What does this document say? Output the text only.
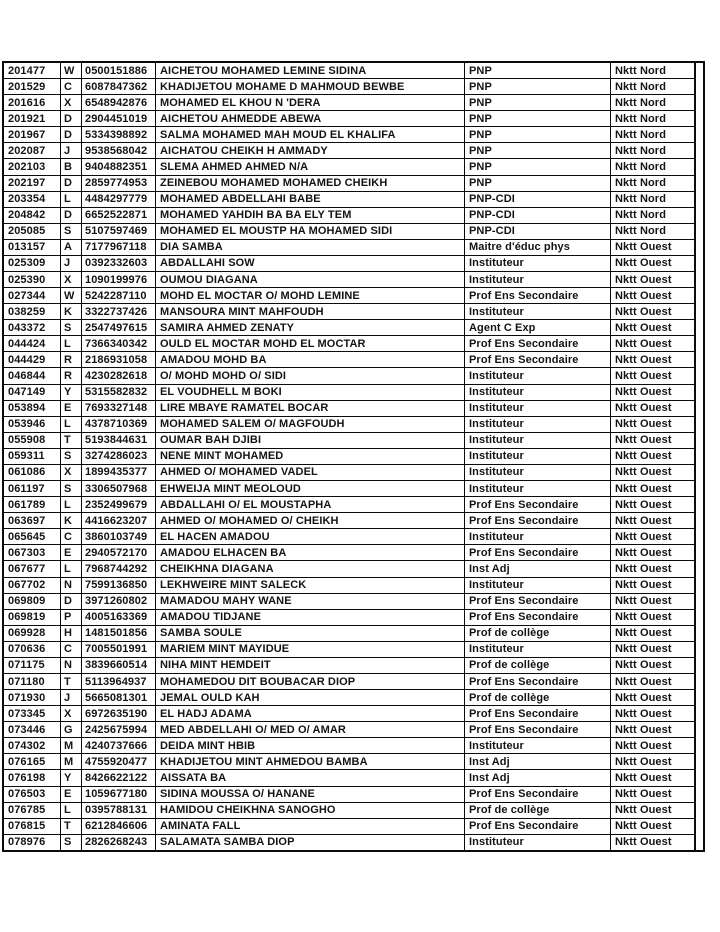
201477	W 0500151886	AICHETOU MOHAMED LEMINE SIDINA	PNP	Nktt Nord
201529	C	6087847362	KHADIJETOU MOHAME D MAHMOUD BEWBE	PNP	Nktt Nord
201616	X	6548942876	MOHAMED EL KHOU N 'DERA	PNP	Nktt Nord
201921	D	2904451019	AICHETOU AHMEDDE ABEWA	PNP	Nktt Nord
201967	D	5334398892	SALMA MOHAMED MAH MOUD EL KHALIFA	PNP	Nktt Nord
202087	J	9538568042	AICHATOU CHEIKH H AMMADY	PNP	Nktt Nord
202103	B	9404882351	SLEMA AHMED AHMED N/A	PNP	Nktt Nord
202197	D	2859774953	ZEINEBOU MOHAMED MOHAMED CHEIKH	PNP	Nktt Nord
203354	L	4484297779	MOHAMED ABDELLAHI BABE	PNP-CDI	Nktt Nord
204842	D	6652522871	MOHAMED YAHDIH BA BA ELY TEM	PNP-CDI	Nktt Nord
205085	S	5107597469	MOHAMED EL MOUSTP HA MOHAMED SIDI	PNP-CDI	Nktt Nord
013157	A	7177967118	DIA SAMBA	Maitre d'éduc phys	Nktt Ouest
025309	J	0392332603	ABDALLAHI SOW	Instituteur	Nktt Ouest
025390	X	1090199976	OUMOU DIAGANA	Instituteur	Nktt Ouest
027344	W 5242287110	MOHD EL MOCTAR O/ MOHD LEMINE	Prof Ens Secondaire	Nktt Ouest
038259	K	3322737426	MANSOURA MINT MAHFOUDH	Instituteur	Nktt Ouest
043372	S	2547497615	SAMIRA AHMED ZENATY	Agent C Exp	Nktt Ouest
044424	L	7366340342	OULD EL MOCTAR MOHD EL MOCTAR	Prof Ens Secondaire	Nktt Ouest
044429	R	2186931058	AMADOU MOHD BA	Prof Ens Secondaire	Nktt Ouest
046844	R	4230282618	O/ MOHD MOHD O/ SIDI	Instituteur	Nktt Ouest
047149	Y	5315582832	EL VOUDHELL M BOKI	Instituteur	Nktt Ouest
053894	E	7693327148	LIRE MBAYE RAMATEL BOCAR	Instituteur	Nktt Ouest
053946	L	4378710369	MOHAMED SALEM O/ MAGFOUDH	Instituteur	Nktt Ouest
055908	T	5193844631	OUMAR BAH DJIBI	Instituteur	Nktt Ouest
059311	S	3274286023	NENE MINT MOHAMED	Instituteur	Nktt Ouest
061086	X	1899435377	AHMED O/ MOHAMED VADEL	Instituteur	Nktt Ouest
061197	S	3306507968	EHWEIJA MINT MEOLOUD	Instituteur	Nktt Ouest
061789	L	2352499679	ABDALLAHI O/ EL MOUSTAPHA	Prof Ens Secondaire	Nktt Ouest
063697	K	4416623207	AHMED O/ MOHAMED O/ CHEIKH	Prof Ens Secondaire	Nktt Ouest
065645	C	3860103749	EL HACEN AMADOU	Instituteur	Nktt Ouest
067303	E	2940572170	AMADOU ELHACEN BA	Prof Ens Secondaire	Nktt Ouest
067677	L	7968744292	CHEIKHNA DIAGANA	Inst Adj	Nktt Ouest
067702	N	7599136850	LEKHWEIRE MINT SALECK	Instituteur	Nktt Ouest
069809	D	3971260802	MAMADOU MAHY WANE	Prof Ens Secondaire	Nktt Ouest
069819	P	4005163369	AMADOU TIDJANE	Prof Ens Secondaire	Nktt Ouest
069928	H	1481501856	SAMBA SOULE	Prof de collège	Nktt Ouest
070636	C	7005501991	MARIEM MINT MAYIDUE	Instituteur	Nktt Ouest
071175	N	3839660514	NIHA MINT HEMDEIT	Prof de collège	Nktt Ouest
071180	T	5113964937	MOHAMEDOU DIT BOUBACAR DIOP	Prof Ens Secondaire	Nktt Ouest
071930	J	5665081301	JEMAL OULD KAH	Prof de collège	Nktt Ouest
073345	X	6972635190	EL HADJ ADAMA	Prof Ens Secondaire	Nktt Ouest
073446	G	2425675994	MED ABDELLAHI O/ MED O/ AMAR	Prof Ens Secondaire	Nktt Ouest
074302	M	4240737666	DEIDA MINT HBIB	Instituteur	Nktt Ouest
076165	M	4755920477	KHADIJETOU MINT AHMEDOU BAMBA	Inst Adj	Nktt Ouest
076198	Y	8426622122	AISSATA BA	Inst Adj	Nktt Ouest
076503	E	1059677180	SIDINA MOUSSA O/ HANANE	Prof Ens Secondaire	Nktt Ouest
076785	L	0395788131	HAMIDOU CHEIKHNA SANOGHO	Prof de collège	Nktt Ouest
076815	T	6212846606	AMINATA FALL	Prof Ens Secondaire	Nktt Ouest
078976	S	2826268243	SALAMATA SAMBA DIOP	Instituteur	Nktt Ouest
